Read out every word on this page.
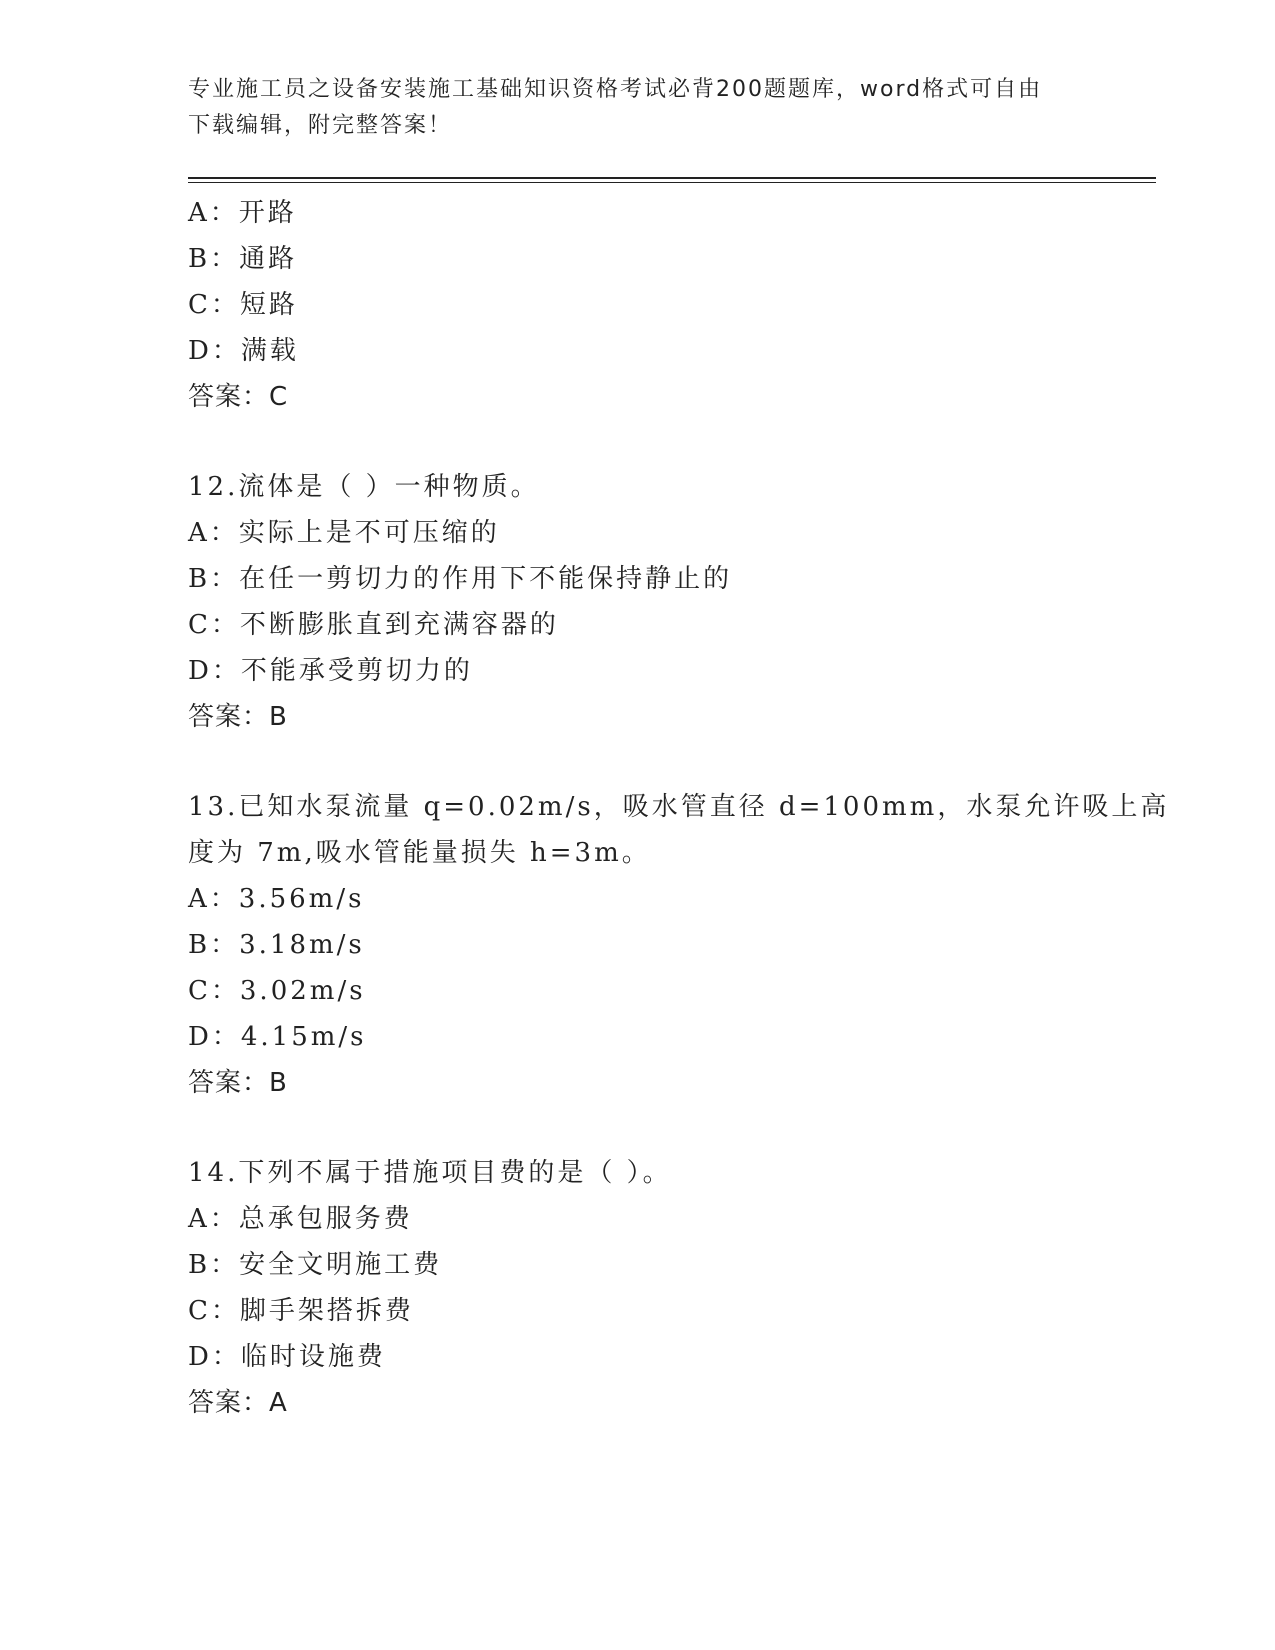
专业施工员之设备安装施工基础知识资格考试必背200题题库，word格式可自由
下载编辑，附完整答案！
A：开路
B：通路
C：短路
D：满载
答案：C
12.流体是（ ）一种物质。
A：实际上是不可压缩的
B：在任一剪切力的作用下不能保持静止的
C：不断膨胀直到充满容器的
D：不能承受剪切力的
答案：B
13.已知水泵流量 q=0.02m/s，吸水管直径 d=100mm，水泵允许吸上高
度为 7m,吸水管能量损失 h=3m。
A：3.56m/s
B：3.18m/s
C：3.02m/s
D：4.15m/s
答案：B
14.下列不属于措施项目费的是（ ）。
A：总承包服务费
B：安全文明施工费
C：脚手架搭拆费
D：临时设施费
答案：A
